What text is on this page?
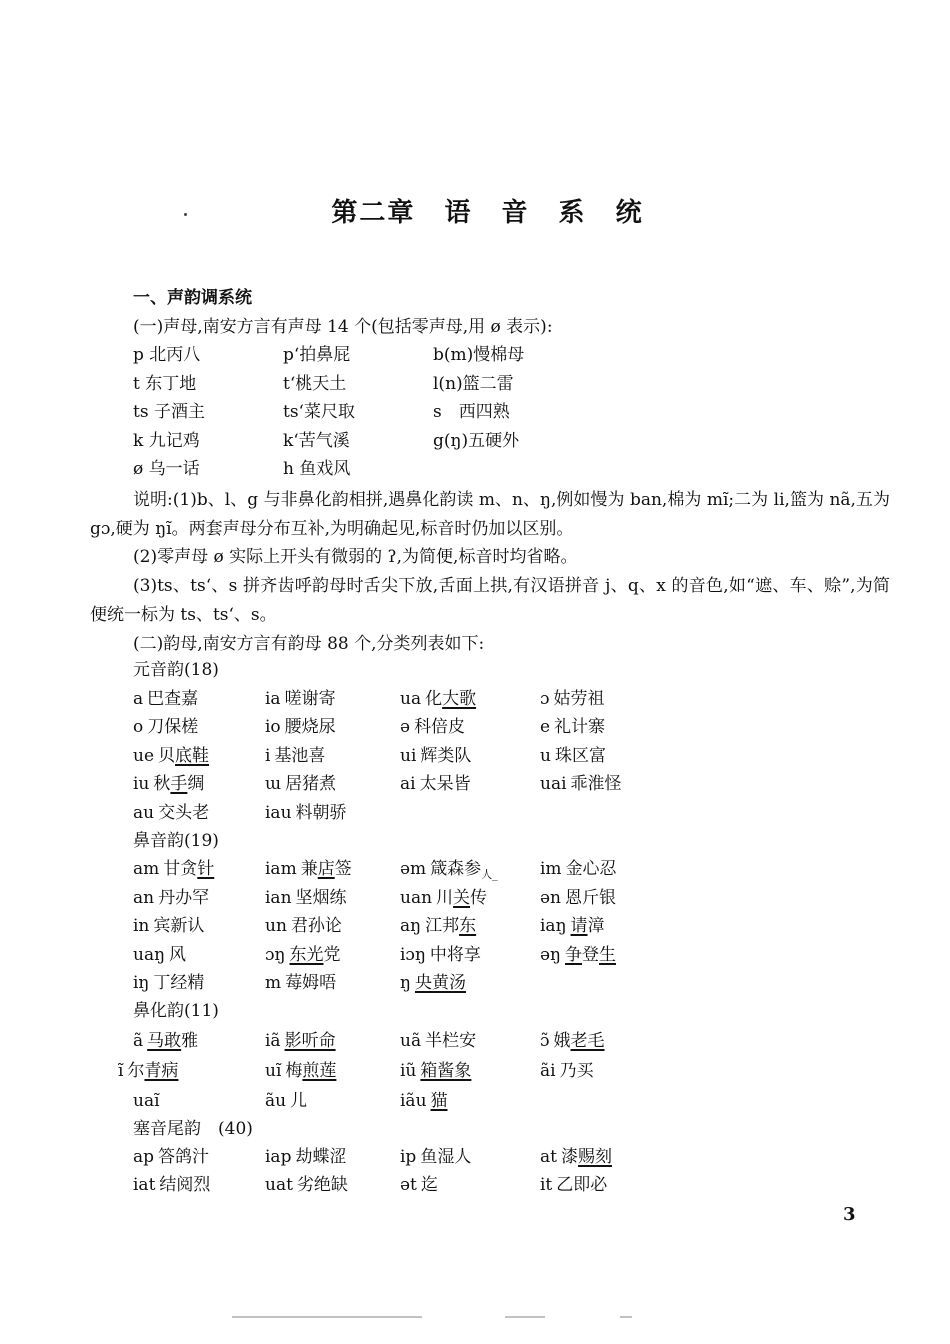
第二章 语 音 系 统
一、声韵调系统
(一)声母,南安方言有声母 14 个(包括零声母,用 ø 表示):
p 北丙八	pʻ拍鼻屁	b(m)慢棉母
t 东丁地	tʻ桃天土	l(n)篮二雷
ts 子酒主	tsʻ菜尺取	s　西四熟
k 九记鸡	kʻ苦气溪	g(ŋ)五硬外
ø 乌一话	h 鱼戏风
说明:(1)b、l、g 与非鼻化韵相拼,遇鼻化韵读 m、n、ŋ,例如慢为 ban,棉为 mĩ;二为 li,篮为 nã,五为 gɔ,硬为 ŋĩ。两套声母分布互补,为明确起见,标音时仍加以区别。
(2)零声母 ø 实际上开头有微弱的 ʔ,为简便,标音时均省略。
(3)ts、tsʻ、s 拼齐齿呼韵母时舌尖下放,舌面上拱,有汉语拼音 j、q、x 的音色,如“遮、车、赊”,为简便统一标为 ts、tsʻ、s。
(二)韵母,南安方言有韵母 88 个,分类列表如下:
元音韵(18)
a 巴查嘉	ia 嗟谢寄	ua 化大歌	ɔ 姑劳祖
o 刀保槎	io 腰烧尿	ə 科倍皮	e 礼计寨
ue 贝底鞋	i 基池喜	ui 辉类队	u 珠区富
iu 秋手绸	ɯ 居猪煮	ai 太呆皆	uai 乖淮怪
au 交头老	iau 料朝骄
鼻音韵(19)
am 甘贪针	iam 兼店签	əm 箴森参$_{人\_}$ im 金心忍
an 丹办罕	ian 坚烟练	uan 川关传	ən 恩斤银
in 宾新认	un 君孙论	aŋ 江邦东	iaŋ 请漳
uaŋ 风	ɔŋ 东光党	iɔŋ 中将享	əŋ 争登生
iŋ 丁经精	m 莓姆唔	ŋ 央黄汤
鼻化韵(11)
ã 马敢雅	iã 影听命	uã 半栏安	ɔ̃ 娥老毛
ĩ 尔青病	uĩ 梅煎莲	iũ 箱酱象	ãi 乃买
uaĩ	ãu 儿	iãu 猫
塞音尾韵　(40)
ap 答鸽汁	iap 劫蝶涩	ip 鱼湿人	at 漆赐刻
iat 结阅烈	uat 劣绝缺	ət 迄	it 乙即必
3
